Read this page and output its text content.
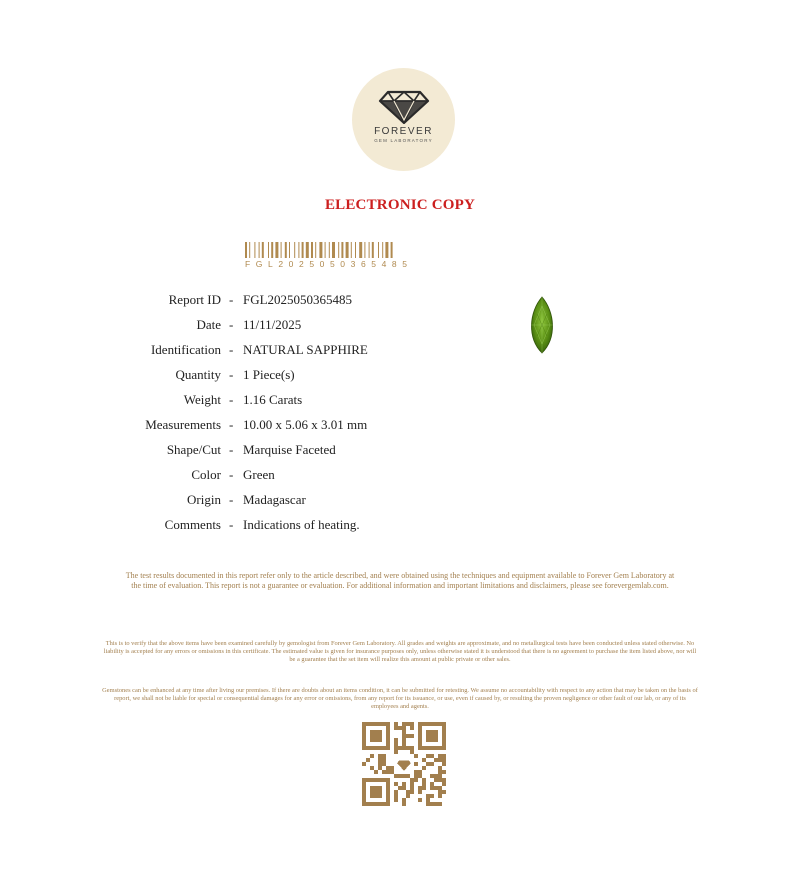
FOREVER
GEM LABORATORY
ELECTRONIC COPY
FGL2025050365485
Report ID - FGL2025050365485
Date - 11/11/2025
Identification - NATURAL SAPPHIRE
Quantity - 1 Piece(s)
Weight - 1.16 Carats
Measurements - 10.00 x 5.06 x 3.01 mm
Shape/Cut - Marquise Faceted
Color - Green
Origin - Madagascar
Comments - Indications of heating.
The test results documented in this report refer only to the article described, and were obtained using the techniques and equipment available to Forever Gem Laboratory at the time of evaluation. This report is not a guarantee or evaluation. For additional information and important limitations and disclaimers, please see forevergemlab.com.
This is to verify that the above items have been examined carefully by gemologist from Forever Gem Laboratory. All grades and weights are approximate, and no metallurgical tests have been conducted unless stated otherwise. No liability is accepted for any errors or omissions in this certificate. The estimated value is given for insurance purposes only, unless otherwise stated it is understood that there is no agreement to purchase the item listed above, nor will be a guarantee that the set item will realize this amount at public private or other sales.
Gemstones can be enhanced at any time after living our premises. If there are doubts about an items condition, it can be submitted for retesting. We assume no accountability with respect to any action that may be taken on the basis of report, we shall not be liable for special or consequential damages for any error or omissions, from any report for its issuance, or use, even if caused by, or resulting the proven negligence or other fault of our lab, or any of its employees and agents.
